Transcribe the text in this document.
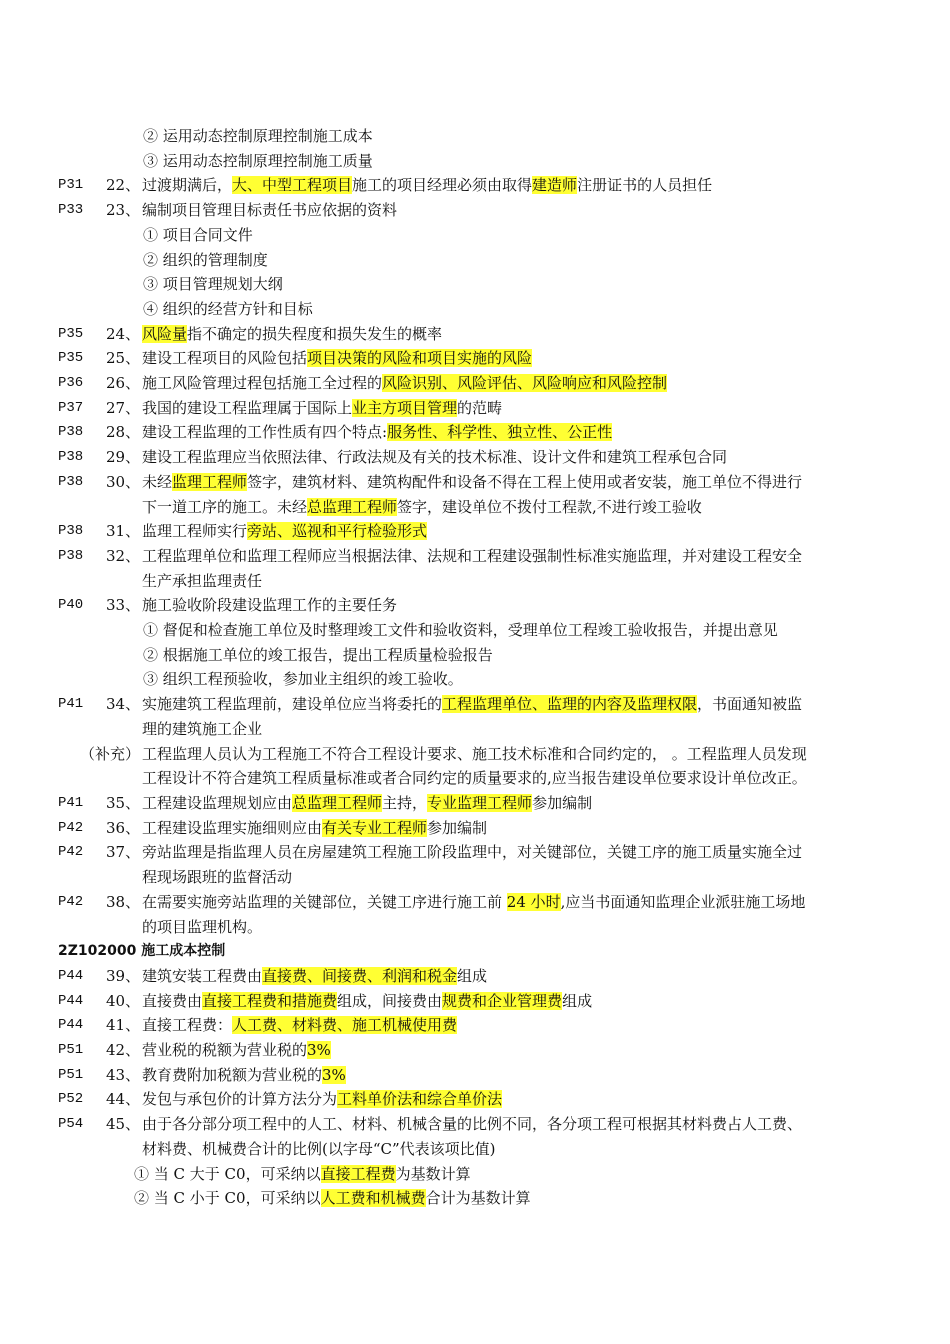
② 运用动态控制原理控制施工成本
③ 运用动态控制原理控制施工质量
P31 22、 过渡期满后，大、中型工程项目施工的项目经理必须由取得建造师注册证书的人员担任
P33 23、 编制项目管理目标责任书应依据的资料
① 项目合同文件
② 组织的管理制度
③ 项目管理规划大纲
④ 组织的经营方针和目标
P35 24、 风险量指不确定的损失程度和损失发生的概率
P35 25、 建设工程项目的风险包括项目决策的风险和项目实施的风险
P36 26、 施工风险管理过程包括施工全过程的风险识别、风险评估、风险响应和风险控制
P37 27、 我国的建设工程监理属于国际上业主方项目管理的范畴
P38 28、 建设工程监理的工作性质有四个特点:服务性、科学性、独立性、公正性
P38 29、 建设工程监理应当依照法律、行政法规及有关的技术标准、设计文件和建筑工程承包合同
P38 30、 未经监理工程师签字，建筑材料、建筑构配件和设备不得在工程上使用或者安装，施工单位不得进行
下一道工序的施工。未经总监理工程师签字，建设单位不拨付工程款,不进行竣工验收
P38 31、 监理工程师实行旁站、巡视和平行检验形式
P38 32、 工程监理单位和监理工程师应当根据法律、法规和工程建设强制性标准实施监理，并对建设工程安全
生产承担监理责任
P40 33、 施工验收阶段建设监理工作的主要任务
① 督促和检查施工单位及时整理竣工文件和验收资料，受理单位工程竣工验收报告，并提出意见
② 根据施工单位的竣工报告，提出工程质量检验报告
③ 组织工程预验收，参加业主组织的竣工验收。
P41 34、 实施建筑工程监理前，建设单位应当将委托的工程监理单位、监理的内容及监理权限，书面通知被监
理的建筑施工企业
（补充） 工程监理人员认为工程施工不符合工程设计要求、施工技术标准和合同约定的， 。工程监理人员发现
工程设计不符合建筑工程质量标准或者合同约定的质量要求的,应当报告建设单位要求设计单位改正。
P41 35、 工程建设监理规划应由总监理工程师主持，专业监理工程师参加编制
P42 36、 工程建设监理实施细则应由有关专业工程师参加编制
P42 37、 旁站监理是指监理人员在房屋建筑工程施工阶段监理中，对关键部位，关键工序的施工质量实施全过
程现场跟班的监督活动
P42 38、 在需要实施旁站监理的关键部位，关键工序进行施工前 24 小时,应当书面通知监理企业派驻施工场地
的项目监理机构。
2Z102000 施工成本控制
P44 39、 建筑安装工程费由直接费、间接费、利润和税金组成
P44 40、 直接费由直接工程费和措施费组成，间接费由规费和企业管理费组成
P44 41、 直接工程费：人工费、材料费、施工机械使用费
P51 42、 营业税的税额为营业税的3%
P51 43、 教育费附加税额为营业税的3%
P52 44、 发包与承包价的计算方法分为工料单价法和综合单价法
P54 45、 由于各分部分项工程中的人工、材料、机械含量的比例不同，各分项工程可根据其材料费占人工费、
材料费、机械费合计的比例(以字母“C”代表该项比值)
① 当 C 大于 C0，可采纳以直接工程费为基数计算
② 当 C 小于 C0，可采纳以人工费和机械费合计为基数计算
